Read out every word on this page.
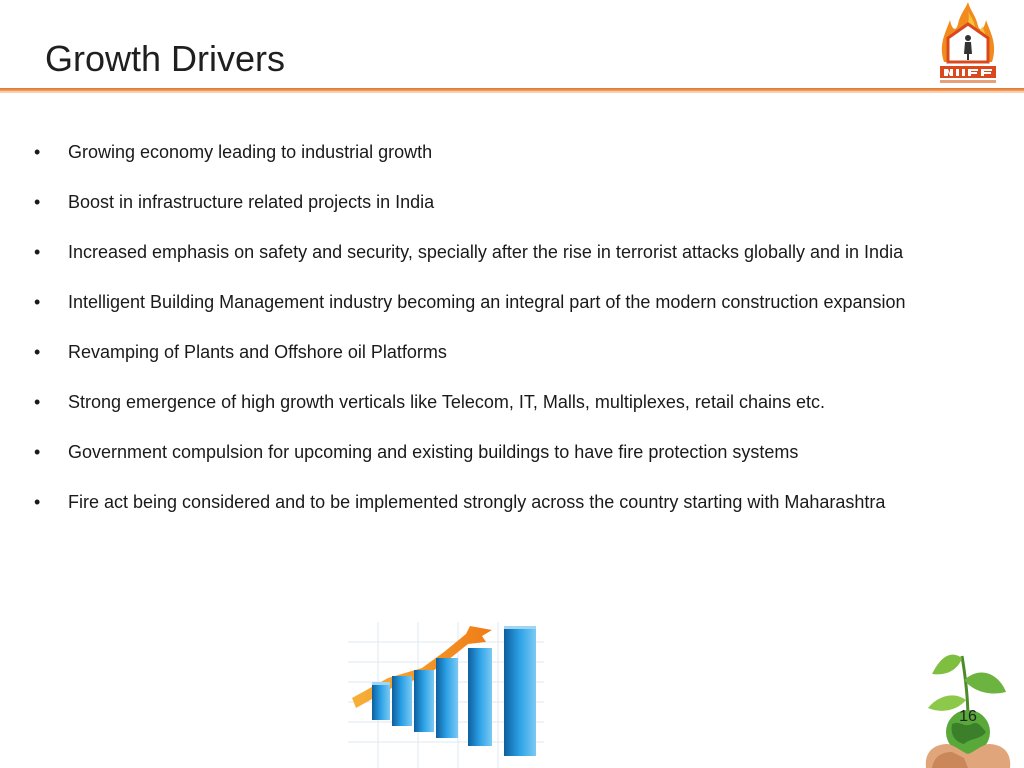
Growth Drivers
• Growing economy leading to industrial growth
• Boost in infrastructure related projects in India
• Increased emphasis on safety and security, specially after the rise in terrorist attacks globally and in India
• Intelligent Building Management industry becoming an integral part of the modern construction expansion
• Revamping of Plants and Offshore oil Platforms
• Strong emergence of high growth verticals like Telecom, IT, Malls, multiplexes, retail chains etc.
• Government compulsion for upcoming and existing buildings to have fire protection systems
• Fire act being considered and to be implemented strongly across the country starting with Maharashtra
16
